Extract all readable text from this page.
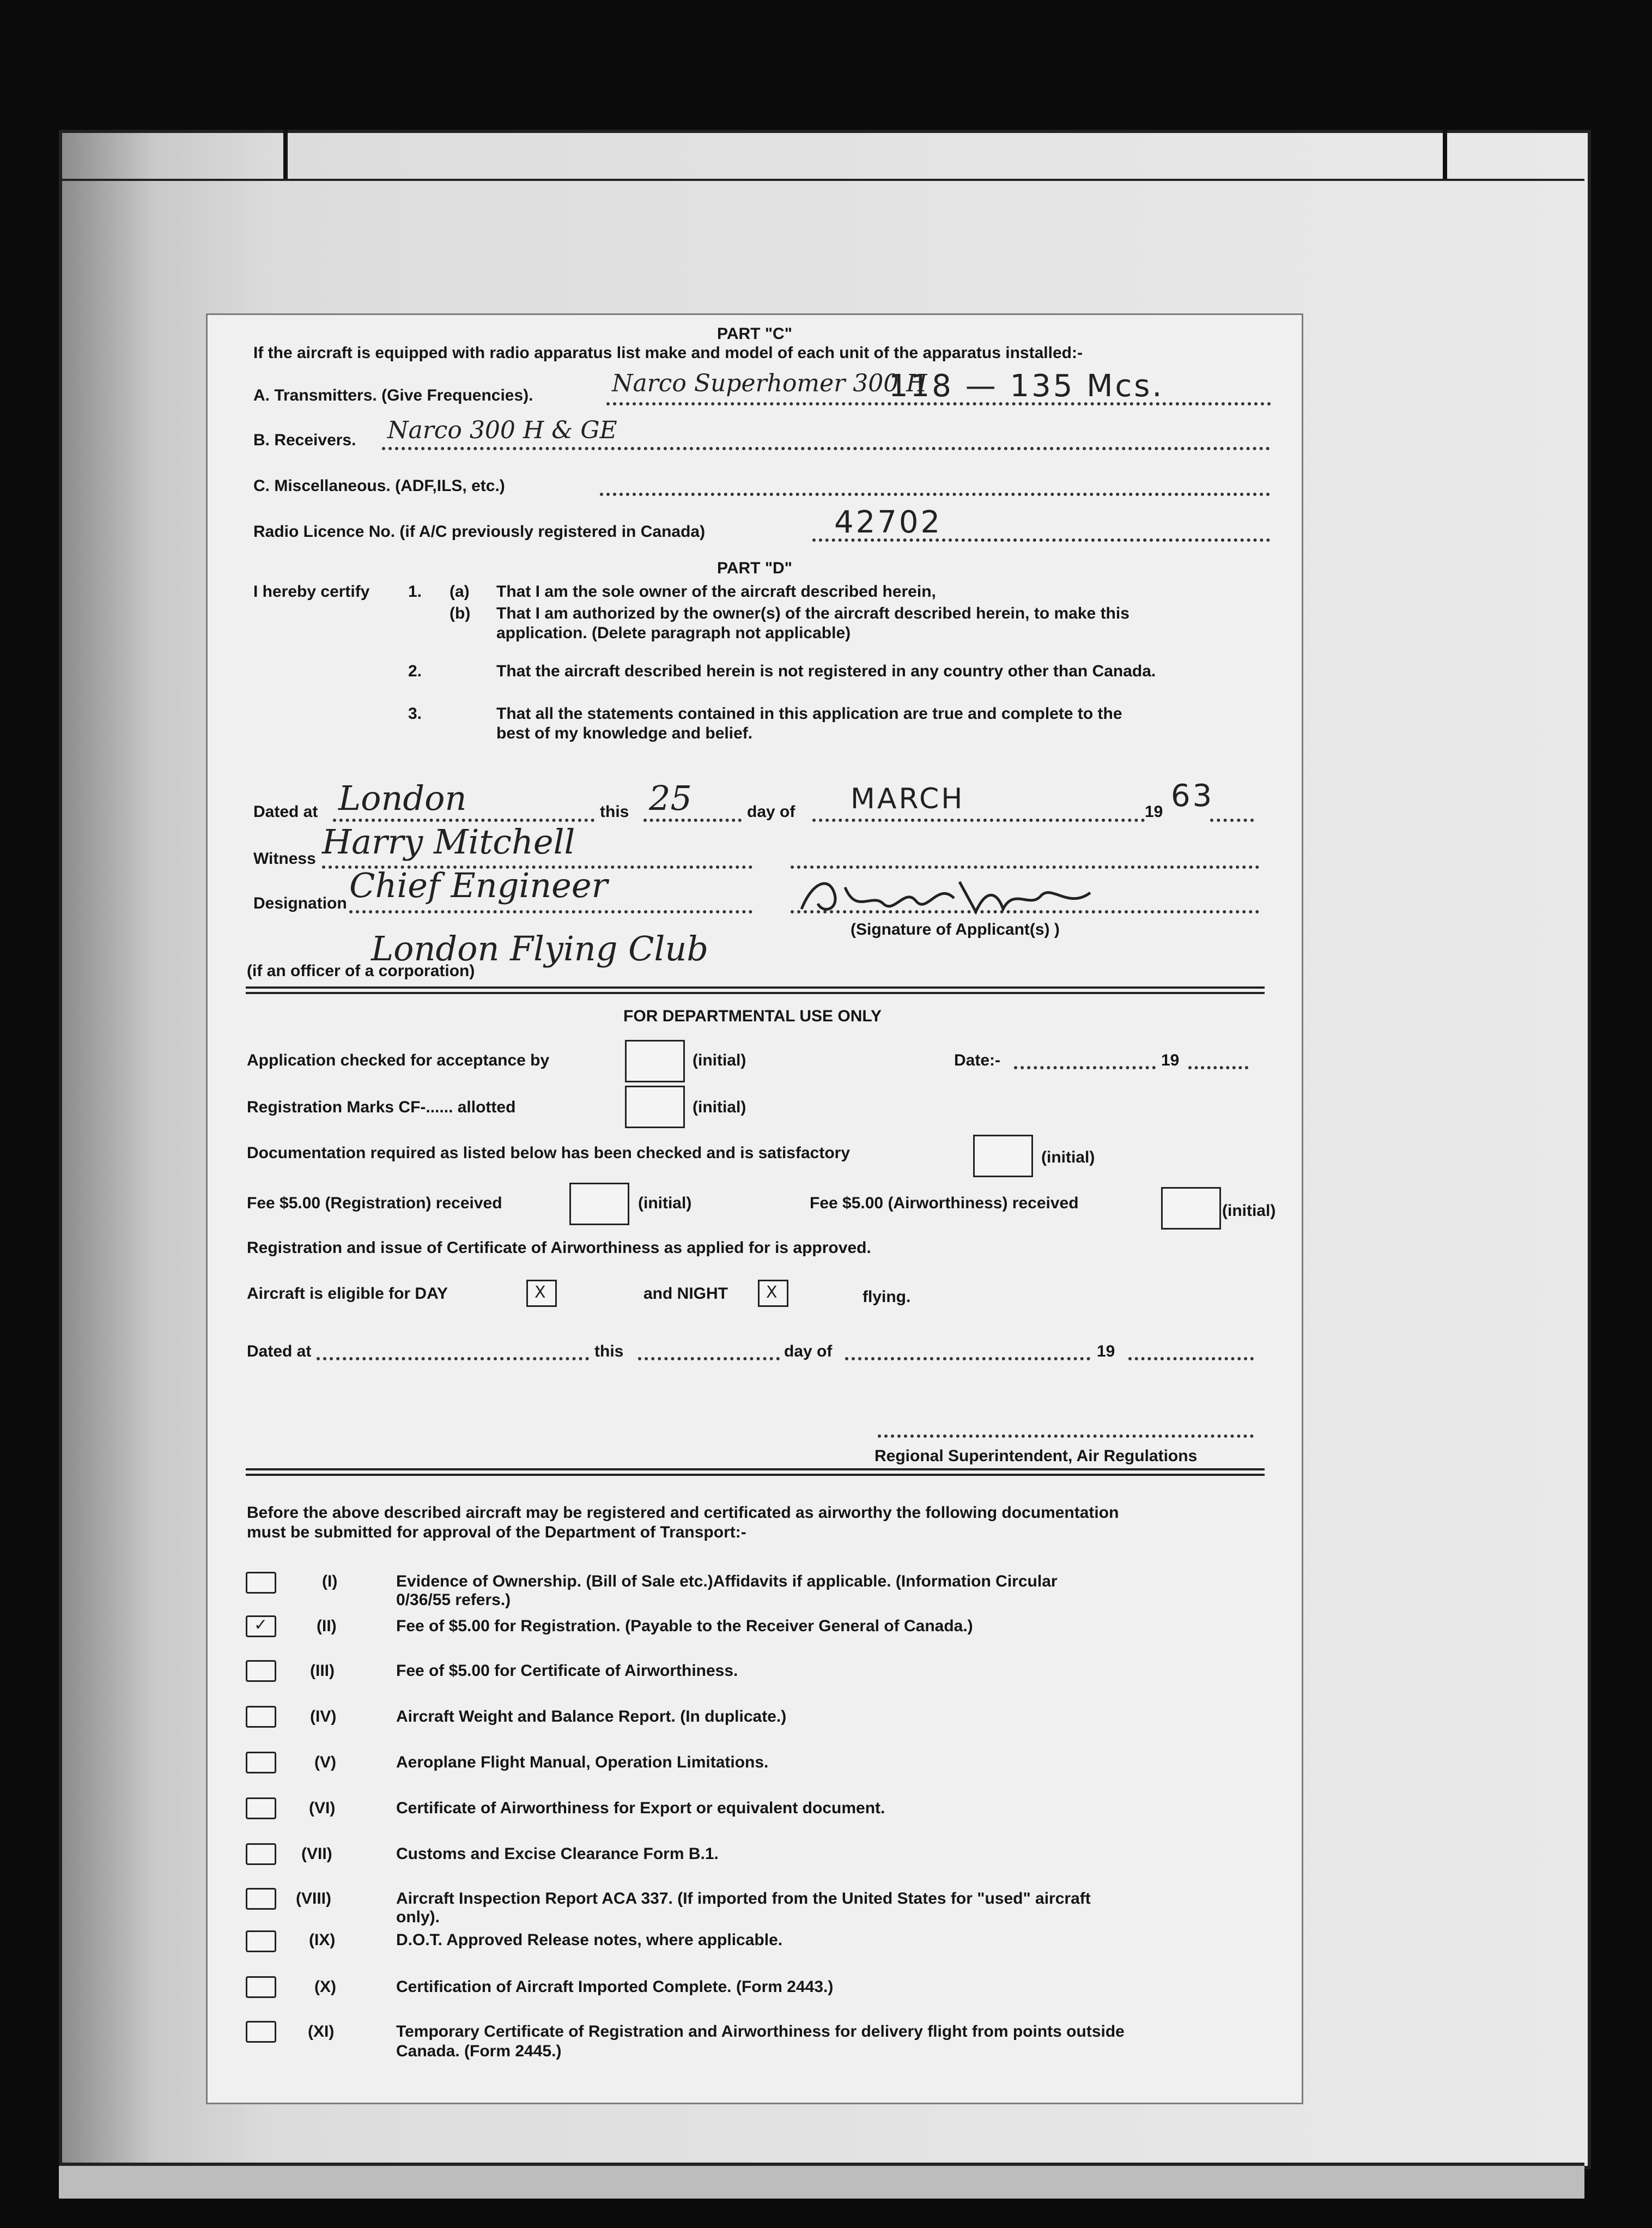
PART "C"
If the aircraft is equipped with radio apparatus list make and model of each unit of the apparatus installed:-
A. Transmitters. (Give Frequencies).	Narco Superhomer 300 H
118 — 135 Mcs.
B. Receivers. Narco 300 H & GE
C. Miscellaneous. (ADF,ILS, etc.)
Radio Licence No. (if A/C previously registered in Canada)	42702
PART "D"
I hereby certify 1. (a) That I am the sole owner of the aircraft described herein,
(b) That I am authorized by the owner(s) of the aircraft described herein, to make this
application. (Delete paragraph not applicable)
2.	That the aircraft described herein is not registered in any country other than Canada.
3.	That all the statements contained in this application are true and complete to the
best of my knowledge and belief.
Dated at London	this 25	day of MARCH	19 63
Witness Harry Mitchell
Designation Chief Engineer
(Signature of Applicant(s) )
London Flying Club
(if an officer of a corporation)
FOR DEPARTMENTAL USE ONLY
Application checked for acceptance by	(initial)	Date:-	19
Registration Marks CF-...... allotted	(initial)
Documentation required as listed below has been checked and is satisfactory	(initial)
Fee $5.00 (Registration) received	(initial)	Fee $5.00 (Airworthiness) received	(initial)
Registration and issue of Certificate of Airworthiness as applied for is approved.
Aircraft is eligible for DAY	X	and NIGHT X	flying.
Dated at	this	day of	19
Regional Superintendent, Air Regulations
Before the above described aircraft may be registered and certificated as airworthy the following documentation
must be submitted for approval of the Department of Transport:-
(I)	Evidence of Ownership. (Bill of Sale etc.)Affidavits if applicable. (Information Circular
0/36/55 refers.)
✓	(II)	Fee of $5.00 for Registration. (Payable to the Receiver General of Canada.)
(III)	Fee of $5.00 for Certificate of Airworthiness.
(IV)	Aircraft Weight and Balance Report. (In duplicate.)
(V)	Aeroplane Flight Manual, Operation Limitations.
(VI)	Certificate of Airworthiness for Export or equivalent document.
(VII)	Customs and Excise Clearance Form B.1.
(VIII)	Aircraft Inspection Report ACA 337. (If imported from the United States for "used" aircraft
only).
(IX)	D.O.T. Approved Release notes, where applicable.
(X)	Certification of Aircraft Imported Complete. (Form 2443.)
(XI)	Temporary Certificate of Registration and Airworthiness for delivery flight from points outside
Canada. (Form 2445.)
